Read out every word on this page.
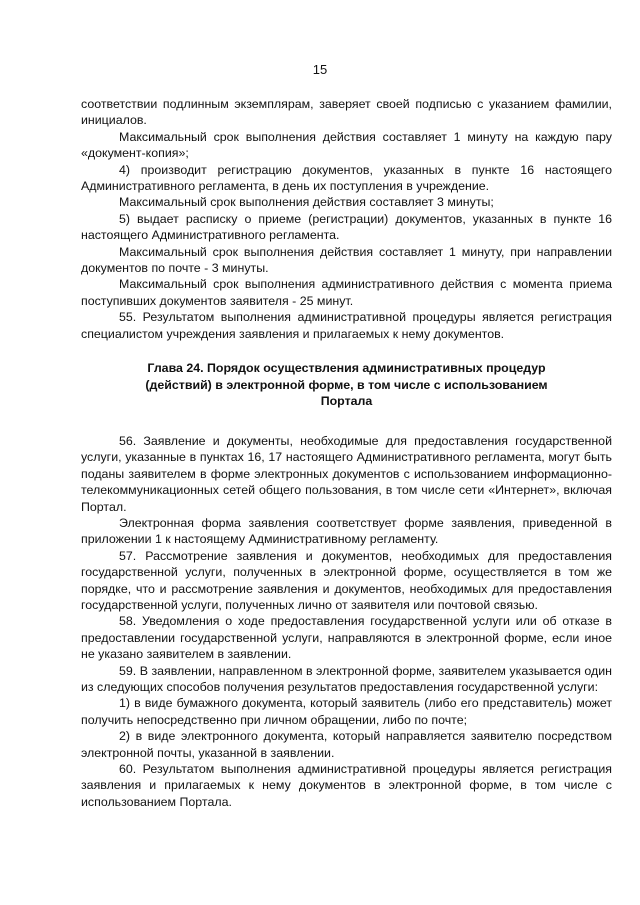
15

соответствии подлинным экземплярам, заверяет своей подписью с указанием фамилии, инициалов.

Максимальный срок выполнения действия составляет 1 минуту на каждую пару «документ-копия»;

4) производит регистрацию документов, указанных в пункте 16 настоящего Административного регламента, в день их поступления в учреждение.

Максимальный срок выполнения действия составляет 3 минуты;

5) выдает расписку о приеме (регистрации) документов, указанных в пункте 16 настоящего Административного регламента.

Максимальный срок выполнения действия составляет 1 минуту, при направлении документов по почте - 3 минуты.

Максимальный срок выполнения административного действия с момента приема поступивших документов заявителя - 25 минут.

55. Результатом выполнения административной процедуры является регистрация специалистом учреждения заявления и прилагаемых к нему документов.

Глава 24. Порядок осуществления административных процедур
(действий) в электронной форме, в том числе с использованием
Портала

56. Заявление и документы, необходимые для предоставления государственной услуги, указанные в пунктах 16, 17 настоящего Административного регламента, могут быть поданы заявителем в форме электронных документов с использованием информационно-телекоммуникационных сетей общего пользования, в том числе сети «Интернет», включая Портал.

Электронная форма заявления соответствует форме заявления, приведенной в приложении 1 к настоящему Административному регламенту.

57. Рассмотрение заявления и документов, необходимых для предоставления государственной услуги, полученных в электронной форме, осуществляется в том же порядке, что и рассмотрение заявления и документов, необходимых для предоставления государственной услуги, полученных лично от заявителя или почтовой связью.

58. Уведомления о ходе предоставления государственной услуги или об отказе в предоставлении государственной услуги, направляются в электронной форме, если иное не указано заявителем в заявлении.

59. В заявлении, направленном в электронной форме, заявителем указывается один из следующих способов получения результатов предоставления государственной услуги:

1) в виде бумажного документа, который заявитель (либо его представитель) может получить непосредственно при личном обращении, либо по почте;

2) в виде электронного документа, который направляется заявителю посредством электронной почты, указанной в заявлении.

60. Результатом выполнения административной процедуры является регистрация заявления и прилагаемых к нему документов в электронной форме, в том числе с использованием Портала.
